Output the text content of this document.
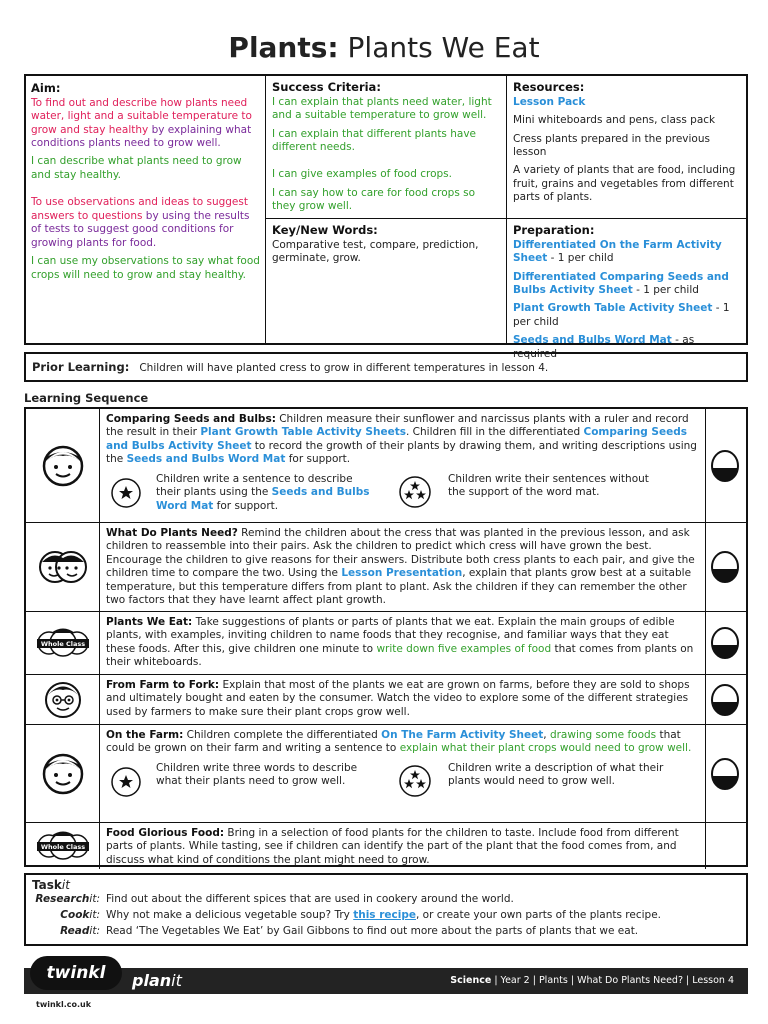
Plants: Plants We Eat
Aim:
To find out and describe how plants need water, light and a suitable temperature to grow and stay healthy by explaining what conditions plants need to grow well.
I can describe what plants need to grow and stay healthy.
To use observations and ideas to suggest answers to questions by using the results of tests to suggest good conditions for growing plants for food.
I can use my observations to say what food crops will need to grow and stay healthy.
Success Criteria:
I can explain that plants need water, light and a suitable temperature to grow well.
I can explain that different plants have different needs.
I can give examples of food crops.
I can say how to care for food crops so they grow well.
Key/New Words:
Comparative test, compare, prediction, germinate, grow.
Resources:
Lesson Pack
Mini whiteboards and pens, class pack
Cress plants prepared in the previous lesson
A variety of plants that are food, including fruit, grains and vegetables from different parts of plants.
Preparation:
Differentiated On the Farm Activity Sheet - 1 per child
Differentiated Comparing Seeds and Bulbs Activity Sheet - 1 per child
Plant Growth Table Activity Sheet - 1 per child
Seeds and Bulbs Word Mat - as required
Prior Learning: Children will have planted cress to grow in different temperatures in lesson 4.
Learning Sequence
Comparing Seeds and Bulbs: Children measure their sunflower and narcissus plants with a ruler and record the result in their Plant Growth Table Activity Sheets. Children fill in the differentiated Comparing Seeds and Bulbs Activity Sheet to record the growth of their plants by drawing them, and writing descriptions using the Seeds and Bulbs Word Mat for support.
Children write a sentence to describe their plants using the Seeds and Bulbs Word Mat for support.
Children write their sentences without the support of the word mat.
What Do Plants Need? Remind the children about the cress that was planted in the previous lesson, and ask children to reassemble into their pairs. Ask the children to predict which cress will have grown the best. Encourage the children to give reasons for their answers. Distribute both cress plants to each pair, and give the children time to compare the two. Using the Lesson Presentation, explain that plants grow best at a suitable temperature, but this temperature differs from plant to plant. Ask the children if they can remember the other two factors that they have learnt affect plant growth.
Whole Class
Plants We Eat: Take suggestions of plants or parts of plants that we eat. Explain the main groups of edible plants, with examples, inviting children to name foods that they recognise, and familiar ways that they eat these foods. After this, give children one minute to write down five examples of food that comes from plants on their whiteboards.
From Farm to Fork: Explain that most of the plants we eat are grown on farms, before they are sold to shops and ultimately bought and eaten by the consumer. Watch the video to explore some of the different strategies used by farmers to make sure their plant crops grow well.
On the Farm: Children complete the differentiated On The Farm Activity Sheet, drawing some foods that could be grown on their farm and writing a sentence to explain what their plant crops would need to grow well.
Children write three words to describe what their plants need to grow well.
Children write a description of what their plants would need to grow well.
Whole Class
Food Glorious Food: Bring in a selection of food plants for the children to taste. Include food from different parts of plants. While tasting, see if children can identify the part of the plant that the food comes from, and discuss what kind of conditions the plant might need to grow.
Taskit
Researchit: Find out about the different spices that are used in cookery around the world.
Cookit: Why not make a delicious vegetable soup? Try this recipe, or create your own parts of the plants recipe.
Readit: Read ‘The Vegetables We Eat’ by Gail Gibbons to find out more about the parts of plants that we eat.
twinkl	planit	Science | Year 2 | Plants | What Do Plants Need? | Lesson 4
twinkl.co.uk
